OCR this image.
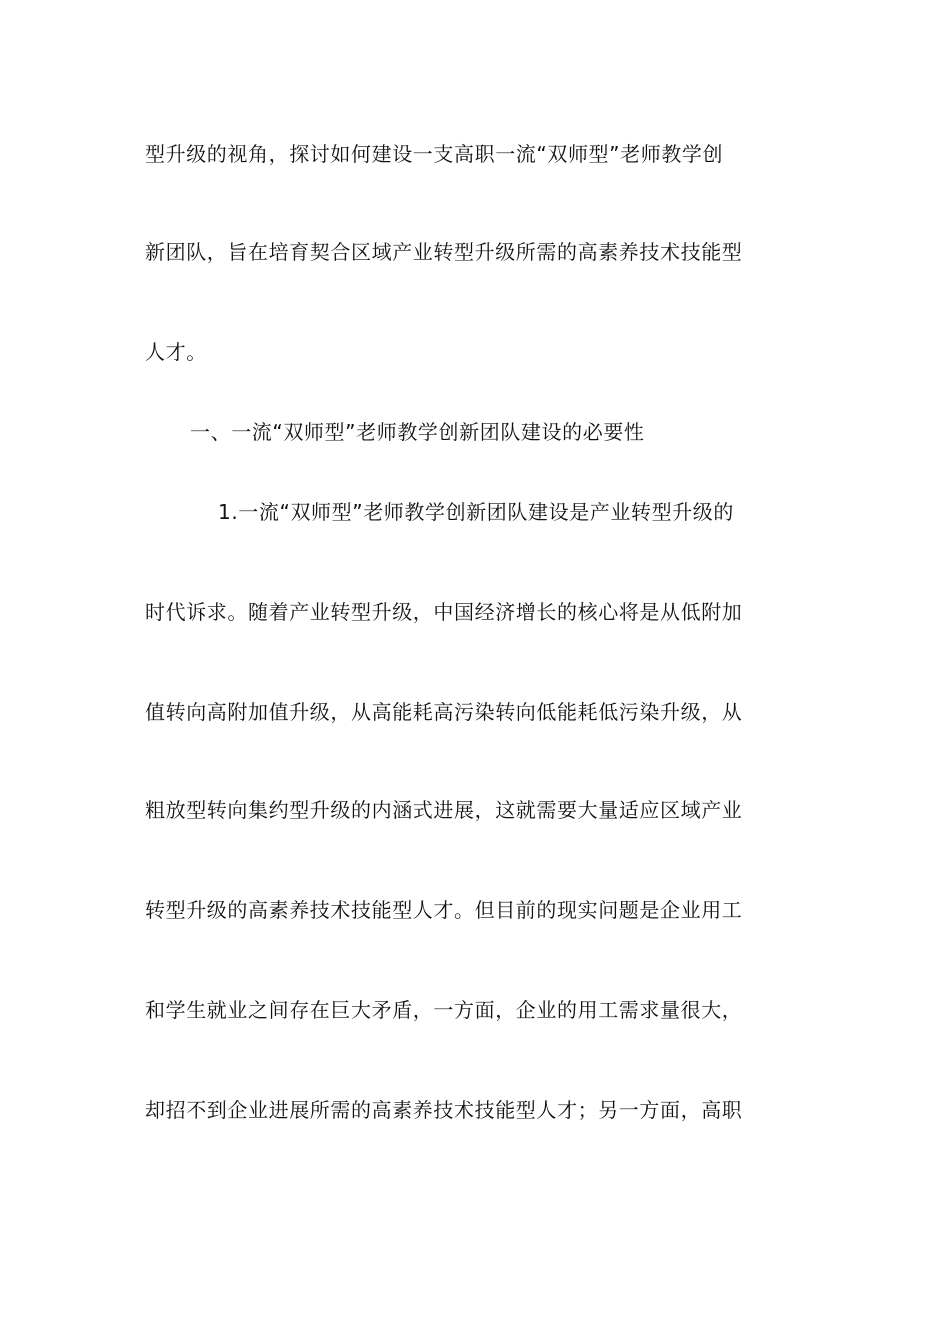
型升级的视角，探讨如何建设一支高职一流“双师型”老师教学创
新团队，旨在培育契合区域产业转型升级所需的高素养技术技能型
人才。
一、一流“双师型”老师教学创新团队建设的必要性
1.一流“双师型”老师教学创新团队建设是产业转型升级的
时代诉求。随着产业转型升级，中国经济增长的核心将是从低附加
值转向高附加值升级，从高能耗高污染转向低能耗低污染升级，从
粗放型转向集约型升级的内涵式进展，这就需要大量适应区域产业
转型升级的高素养技术技能型人才。但目前的现实问题是企业用工
和学生就业之间存在巨大矛盾，一方面，企业的用工需求量很大，
却招不到企业进展所需的高素养技术技能型人才；另一方面，高职
